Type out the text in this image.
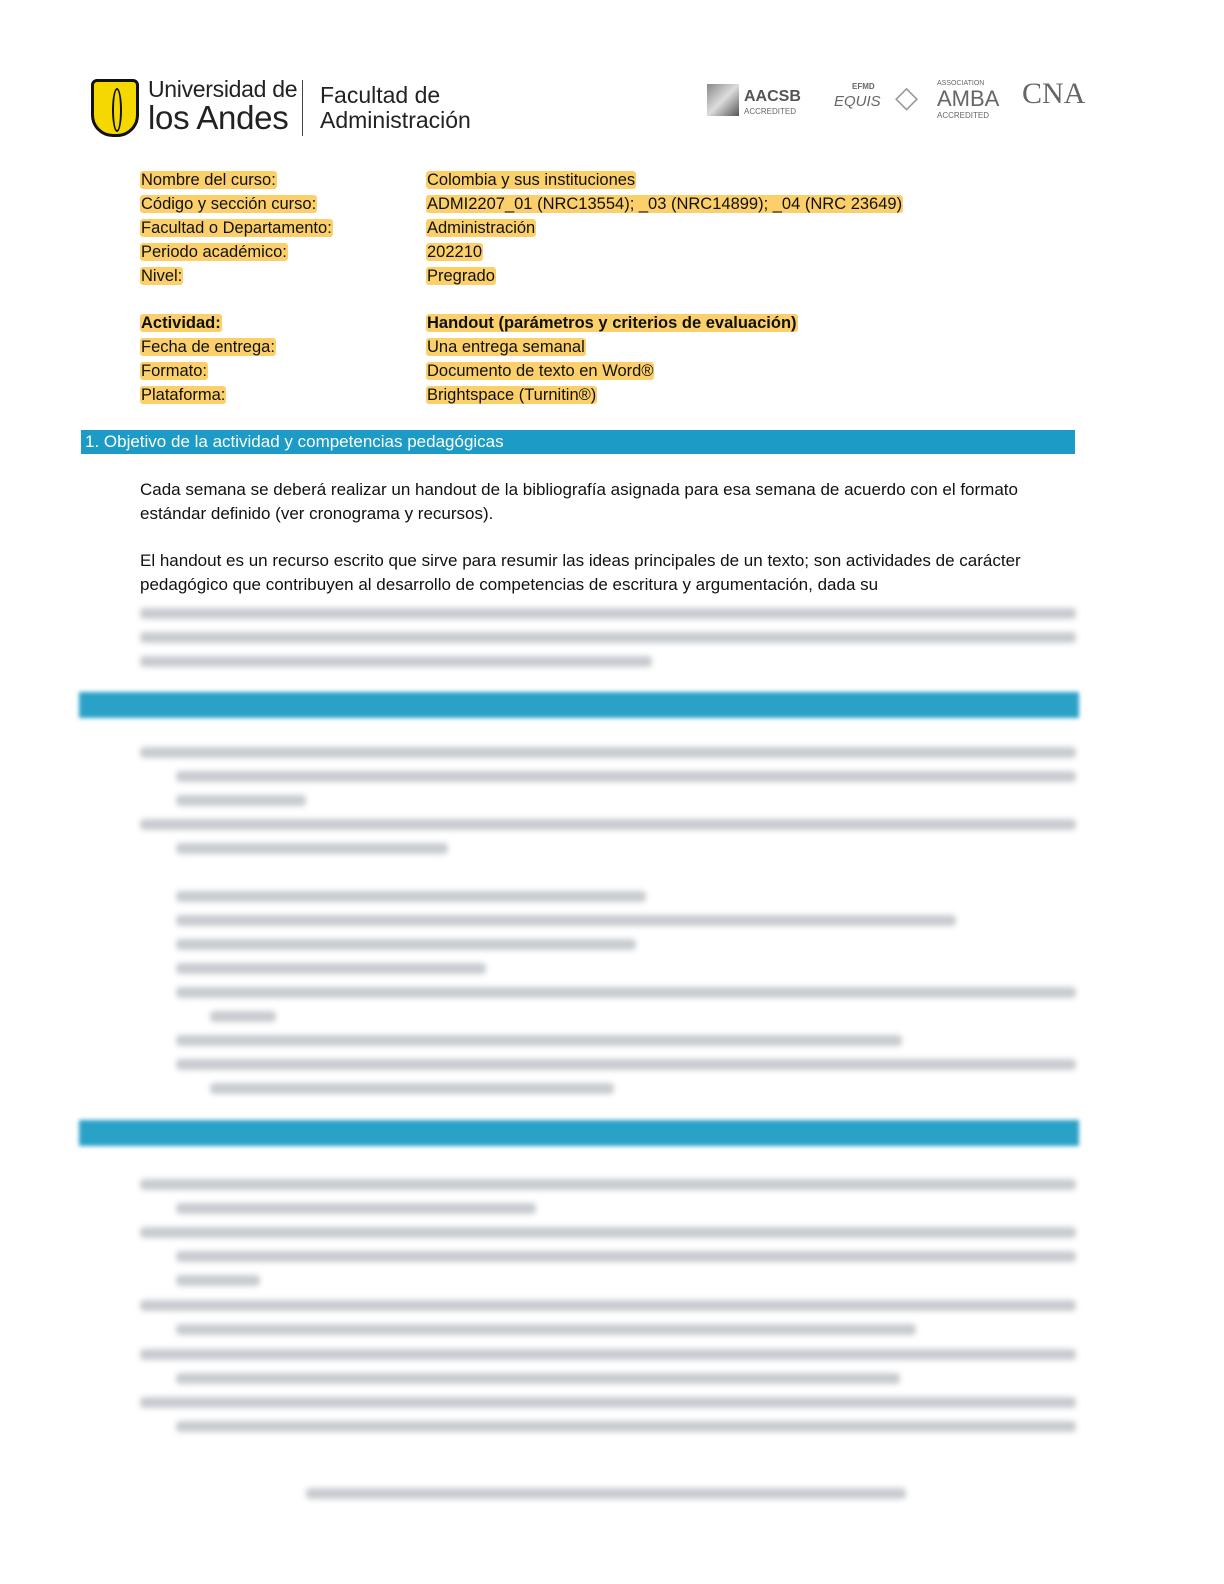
Universidad de
los Andes
Facultad de
Administración
AACSB
ACCREDITED
EFMD
EQUIS ◇	ASSOCIATION
AMBA
ACCREDITED
CNA
Nombre del curso:	Colombia y sus instituciones
Código y sección curso:	ADMI2207_01 (NRC13554); _03 (NRC14899); _04 (NRC 23649)
Facultad o Departamento:	Administración
Periodo académico:	202210
Nivel:	Pregrado
Actividad:	Handout (parámetros y criterios de evaluación)
Fecha de entrega:	Una entrega semanal
Formato:	Documento de texto en Word®
Plataforma:	Brightspace (Turnitin®)
1. Objetivo de la actividad y competencias pedagógicas

Cada semana se deberá realizar un handout de la bibliografía asignada para esa semana de acuerdo con el formato estándar definido (ver cronograma y recursos).

El handout es un recurso escrito que sirve para resumir las ideas principales de un texto; son actividades de carácter pedagógico que contribuyen al desarrollo de competencias de escritura y argumentación, dada su
